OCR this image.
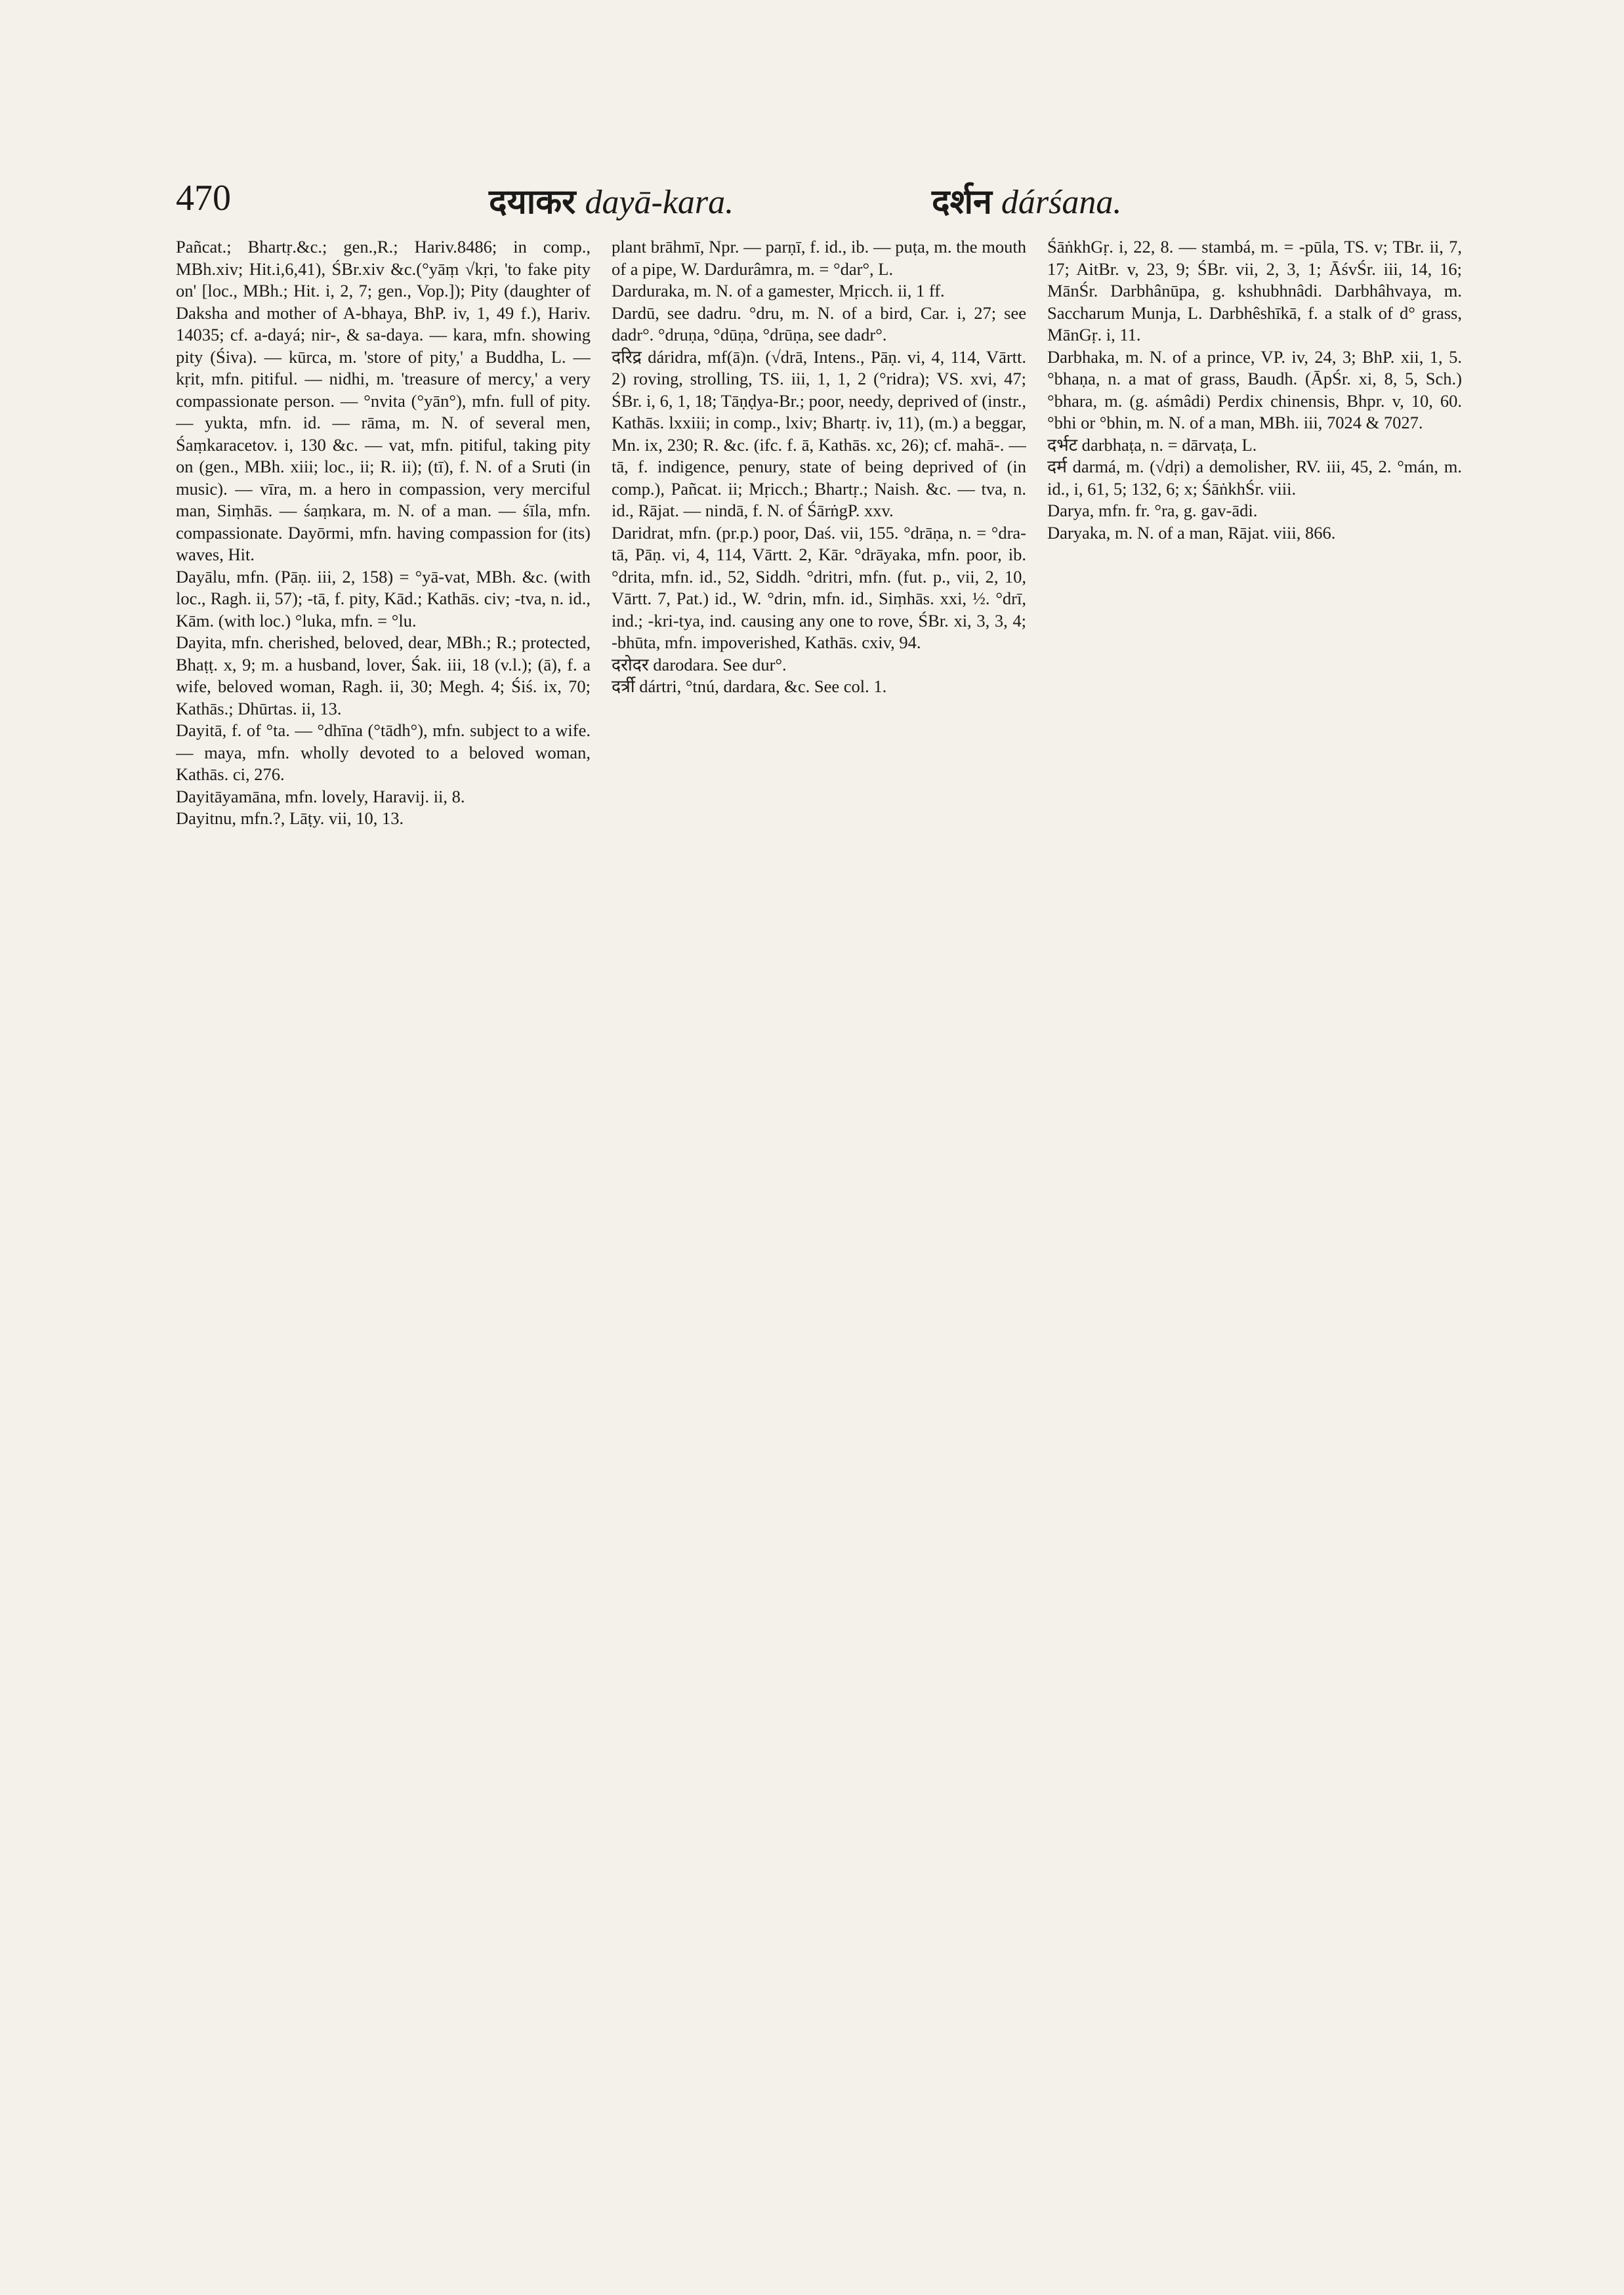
470	दयाकर dayā-kara.	दर्शन dárśana.

Pañcat.; Bhartṛ.&c.; gen.,R.; Hariv.8486; in comp., MBh.xiv; Hit.i,6,41), ŚBr.xiv &c.(°yāṃ √kṛi, 'to fake pity on' [loc., MBh.; Hit. i, 2, 7; gen., Vop.]); Pity (daughter of Daksha and mother of A-bhaya, BhP. iv, 1, 49 f.), Hariv. 14035; cf. a-dayá; nir-, & sa-daya. — kara, mfn. showing pity (Śiva). — kūrca, m. 'store of pity,' a Buddha, L. — kṛit, mfn. pitiful. — nidhi, m. 'treasure of mercy,' a very compassionate person. — °nvita (°yān°), mfn. full of pity. — yukta, mfn. id. — rāma, m. N. of several men, Śaṃkaracetov. i, 130 &c. — vat, mfn. pitiful, taking pity on (gen., MBh. xiii; loc., ii; R. ii); (tī), f. N. of a Sruti (in music). — vīra, m. a hero in compassion, very merciful man, Siṃhās. — śaṃkara, m. N. of a man. — śīla, mfn. compassionate. Dayōrmi, mfn. having compassion for (its) waves, Hit.

Dayālu, mfn. (Pāṇ. iii, 2, 158) = °yā-vat, MBh. &c. (with loc., Ragh. ii, 57); -tā, f. pity, Kād.; Kathās. civ; -tva, n. id., Kām. (with loc.) °luka, mfn. = °lu.

Dayita, mfn. cherished, beloved, dear, MBh.; R.; protected, Bhaṭṭ. x, 9; m. a husband, lover, Śak. iii, 18 (v.l.); (ā), f. a wife, beloved woman, Ragh. ii, 30; Megh. 4; Śiś. ix, 70; Kathās.; Dhūrtas. ii, 13.

Dayitā, f. of °ta. — °dhīna (°tādh°), mfn. subject to a wife. — maya, mfn. wholly devoted to a beloved woman, Kathās. ci, 276.

Dayitāyamāna, mfn. lovely, Haravij. ii, 8.

Dayitnu, mfn.?, Lāṭy. vii, 10, 13.

plant brāhmī, Npr. — parṇī, f. id., ib. — puṭa, m. the mouth of a pipe, W. Dardurâmra, m. = °dar°, L.

Darduraka, m. N. of a gamester, Mṛicch. ii, 1 ff.

Dardū, see dadru. °dru, m. N. of a bird, Car. i, 27; see dadr°. °druṇa, °dūṇa, °drūṇa, see dadr°.

दरिद्र dáridra, mf(ā)n. (√drā, Intens., Pāṇ. vi, 4, 114, Vārtt. 2) roving, strolling, TS. iii, 1, 1, 2 (°ridra); VS. xvi, 47; ŚBr. i, 6, 1, 18; Tāṇḍya-Br.; poor, needy, deprived of (instr., Kathās. lxxiii; in comp., lxiv; Bhartṛ. iv, 11), (m.) a beggar, Mn. ix, 230; R. &c. (ifc. f. ā, Kathās. xc, 26); cf. mahā-. — tā, f. indigence, penury, state of being deprived of (in comp.), Pañcat. ii; Mṛicch.; Bhartṛ.; Naish. &c. — tva, n. id., Rājat. — nindā, f. N. of ŚārṅgP. xxv.

Daridrat, mfn. (pr.p.) poor, Daś. vii, 155. °drāṇa, n. = °dra-tā, Pāṇ. vi, 4, 114, Vārtt. 2, Kār. °drāyaka, mfn. poor, ib. °drita, mfn. id., 52, Siddh. °dritri, mfn. (fut. p., vii, 2, 10, Vārtt. 7, Pat.) id., W. °drin, mfn. id., Siṃhās. xxi, ½. °drī, ind.; -kri-tya, ind. causing any one to rove, ŚBr. xi, 3, 3, 4; -bhūta, mfn. impoverished, Kathās. cxiv, 94.

दरोदर darodara. See dur°.

दर्त्री dártri, °tnú, dardara, &c. See col. 1.

ŚāṅkhGṛ. i, 22, 8. — stambá, m. = -pūla, TS. v; TBr. ii, 7, 17; AitBr. v, 23, 9; ŚBr. vii, 2, 3, 1; ĀśvŚr. iii, 14, 16; MānŚr. Darbhânūpa, g. kshubhnâdi. Darbhâhvaya, m. Saccharum Munja, L. Darbhêshīkā, f. a stalk of d° grass, MānGṛ. i, 11.

Darbhaka, m. N. of a prince, VP. iv, 24, 3; BhP. xii, 1, 5. °bhaṇa, n. a mat of grass, Baudh. (ĀpŚr. xi, 8, 5, Sch.) °bhara, m. (g. aśmâdi) Perdix chinensis, Bhpr. v, 10, 60. °bhi or °bhin, m. N. of a man, MBh. iii, 7024 & 7027.

दर्भट darbhaṭa, n. = dārvaṭa, L.

दर्म darmá, m. (√dṛi) a demolisher, RV. iii, 45, 2. °mán, m. id., i, 61, 5; 132, 6; x; ŚāṅkhŚr. viii.

Darya, mfn. fr. °ra, g. gav-ādi.

Daryaka, m. N. of a man, Rājat. viii, 866.
